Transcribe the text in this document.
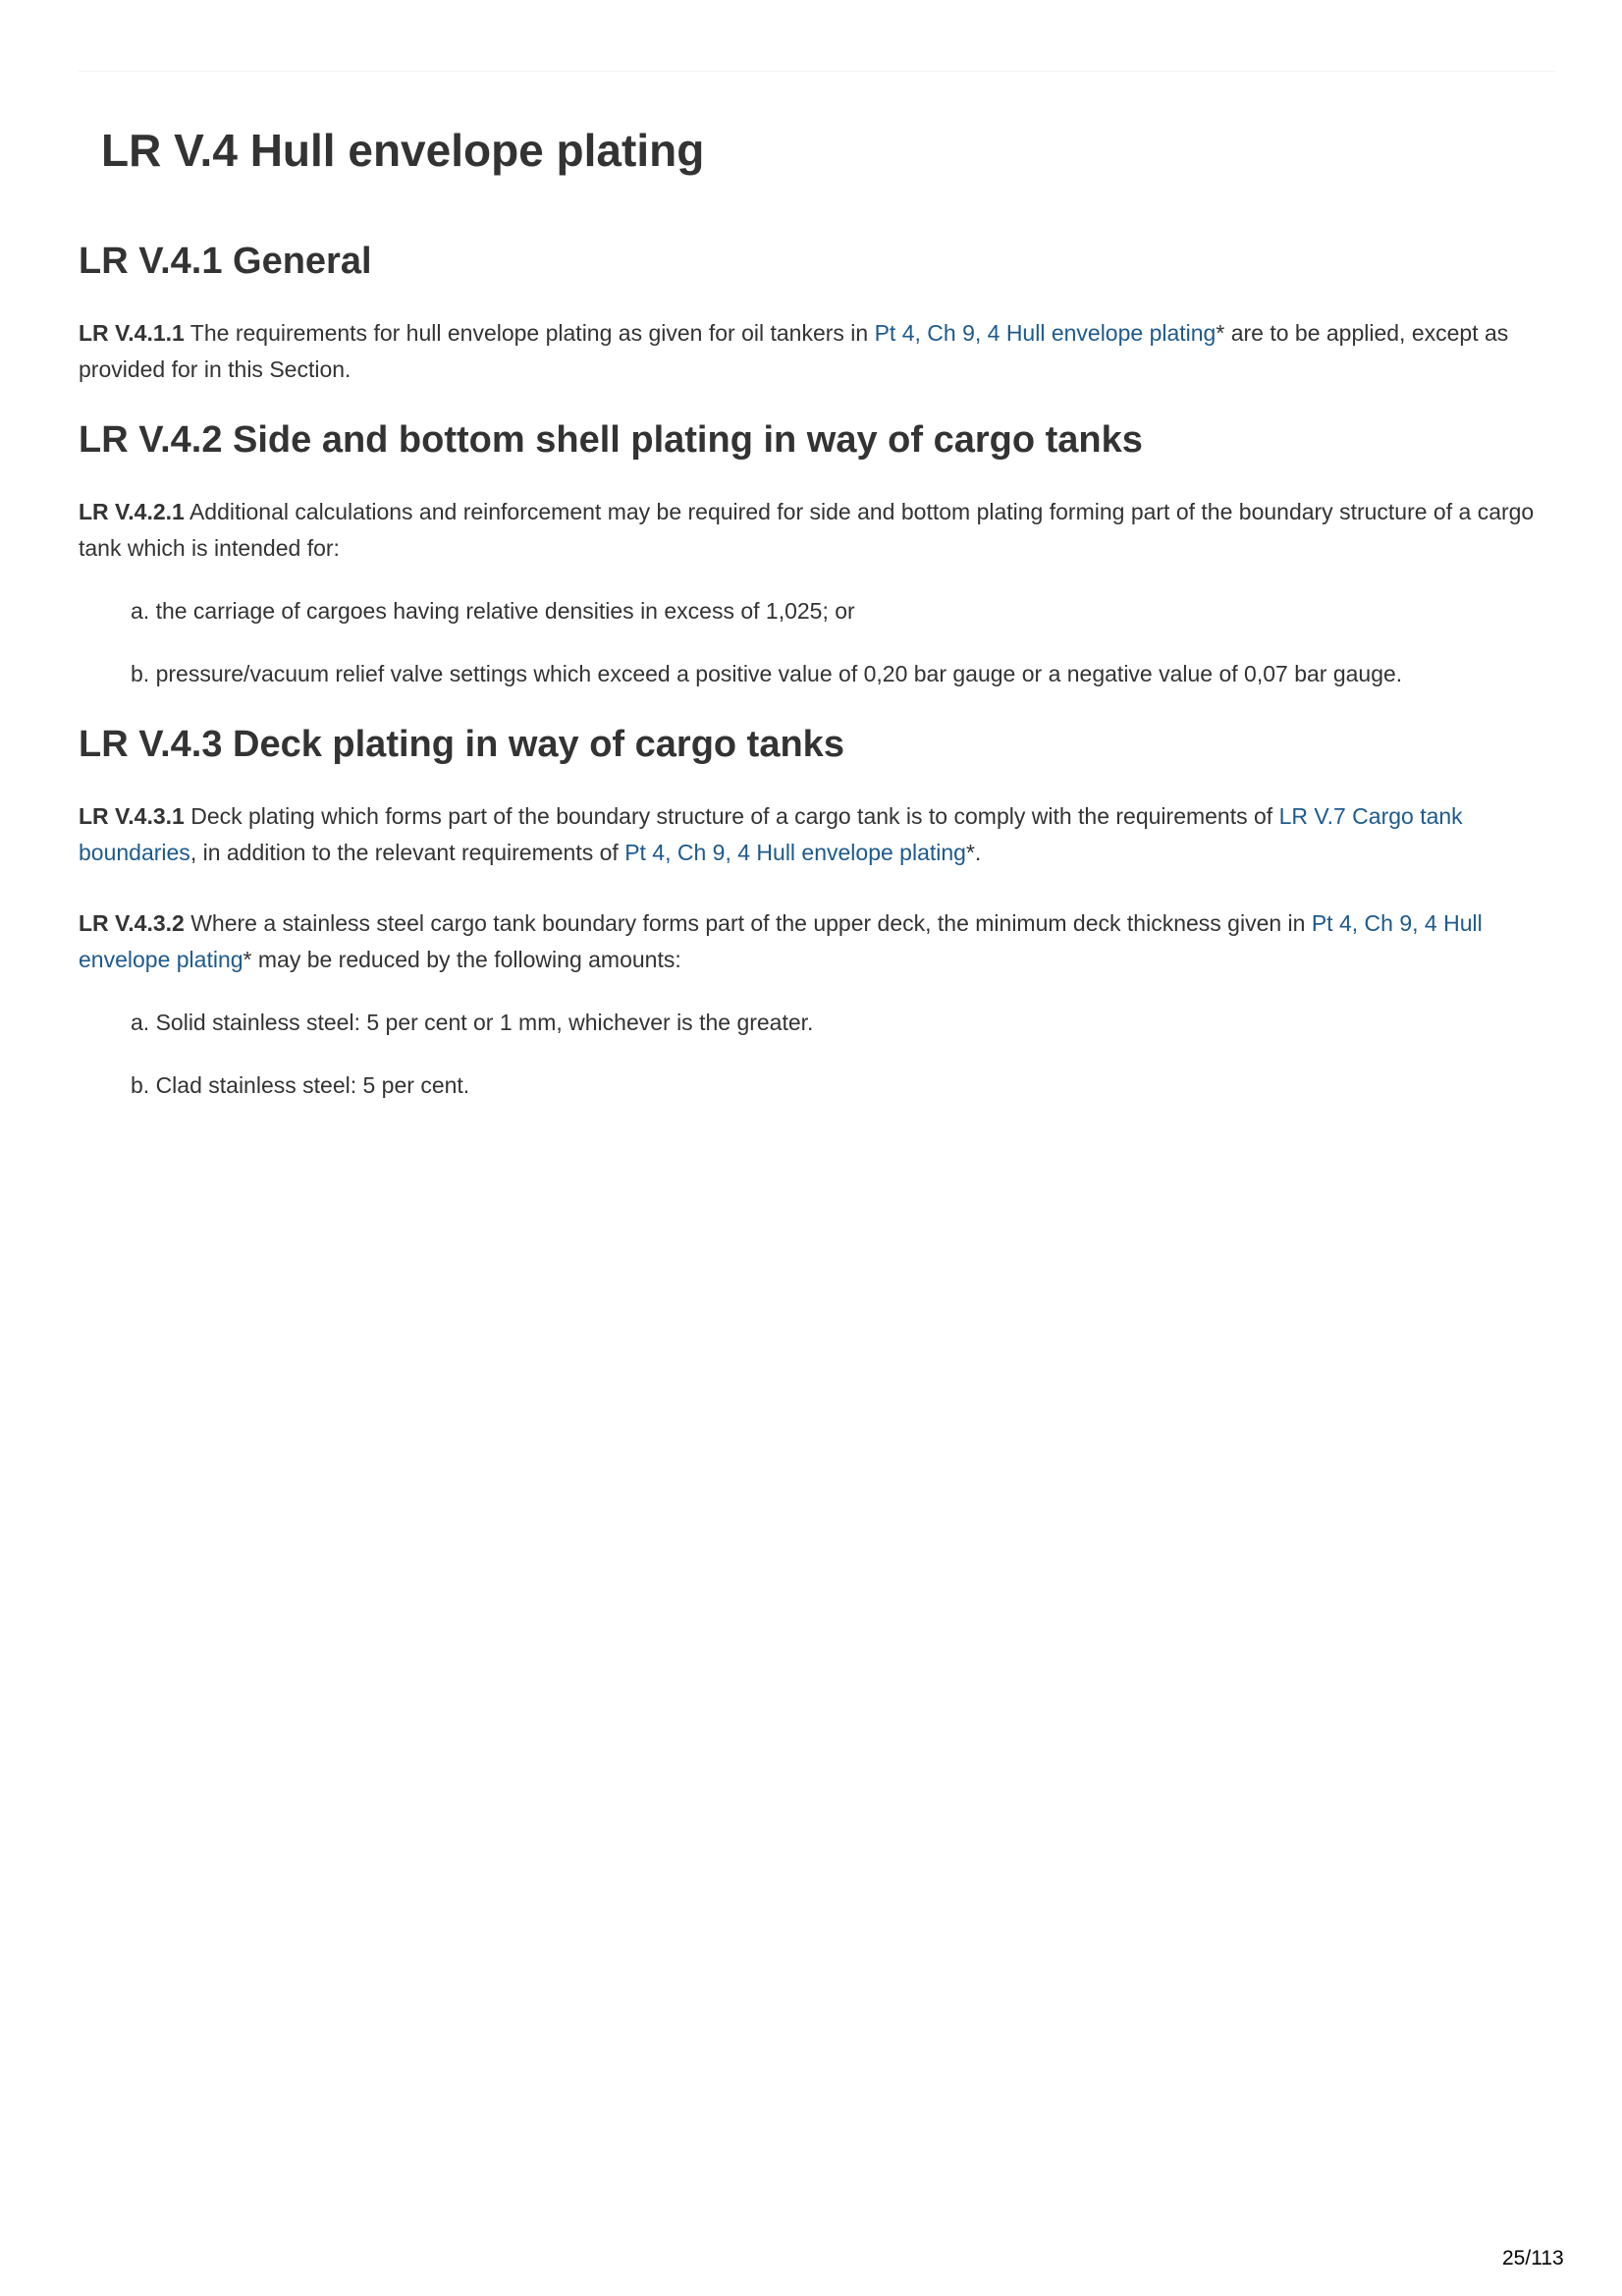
LR V.4 Hull envelope plating
LR V.4.1 General

LR V.4.1.1 The requirements for hull envelope plating as given for oil tankers in Pt 4, Ch 9, 4 Hull envelope plating* are to be applied, except as provided for in this Section.

LR V.4.2 Side and bottom shell plating in way of cargo tanks

LR V.4.2.1 Additional calculations and reinforcement may be required for side and bottom plating forming part of the boundary structure of a cargo tank which is intended for:

a. the carriage of cargoes having relative densities in excess of 1,025; or

b. pressure/vacuum relief valve settings which exceed a positive value of 0,20 bar gauge or a negative value of 0,07 bar gauge.

LR V.4.3 Deck plating in way of cargo tanks

LR V.4.3.1 Deck plating which forms part of the boundary structure of a cargo tank is to comply with the requirements of LR V.7 Cargo tank boundaries, in addition to the relevant requirements of Pt 4, Ch 9, 4 Hull envelope plating*.

LR V.4.3.2 Where a stainless steel cargo tank boundary forms part of the upper deck, the minimum deck thickness given in Pt 4, Ch 9, 4 Hull envelope plating* may be reduced by the following amounts:

a. Solid stainless steel: 5 per cent or 1 mm, whichever is the greater.

b. Clad stainless steel: 5 per cent.

25/113
